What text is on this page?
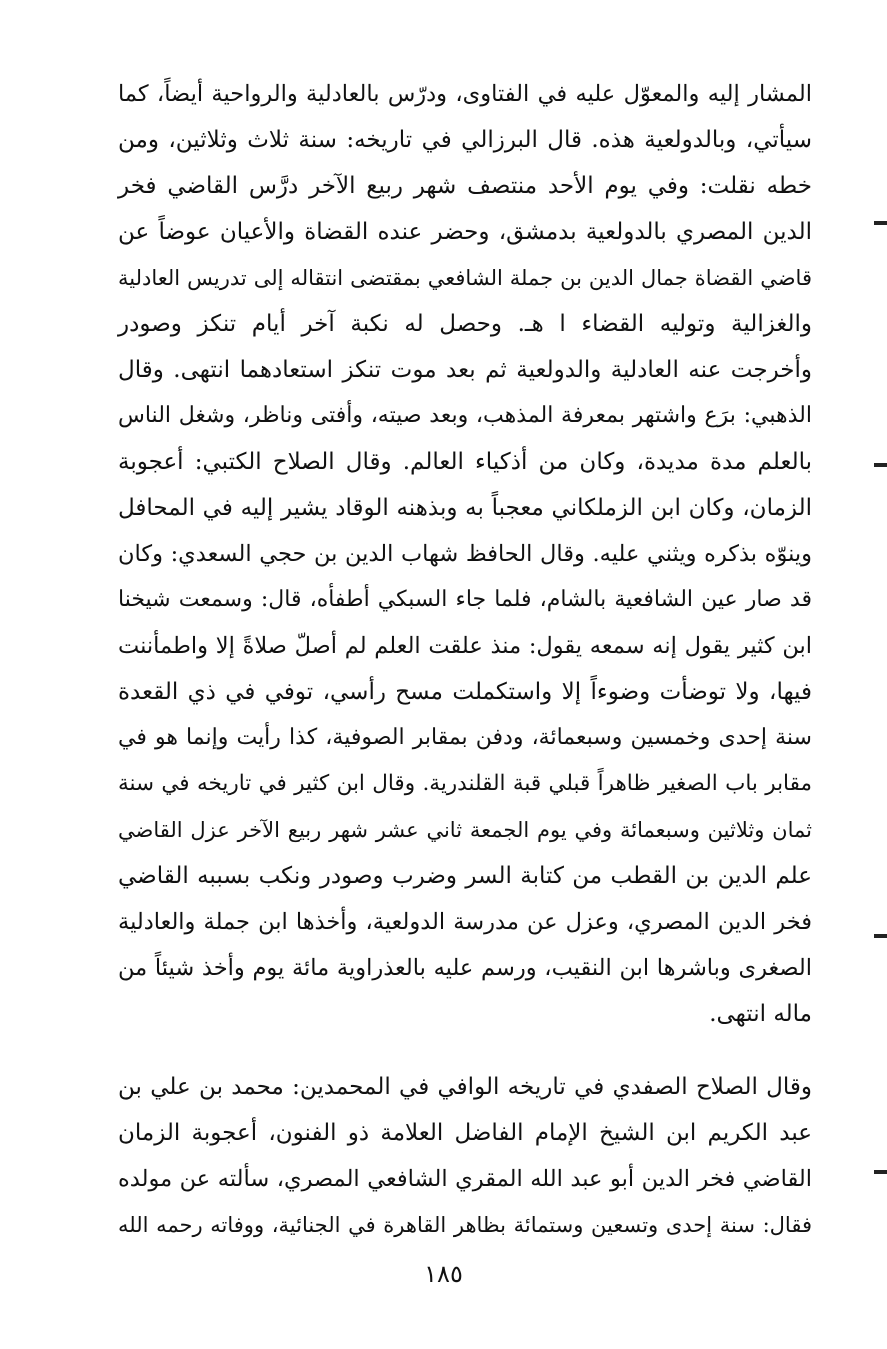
المشار إليه والمعوّل عليه في الفتاوى، ودرّس بالعادلية والرواحية أيضاً، كما
سيأتي، وبالدولعية هذه. قال البرزالي في تاريخه: سنة ثلاث وثلاثين، ومن
خطه نقلت: وفي يوم الأحد منتصف شهر ربيع الآخر درَّس القاضي فخر
الدين المصري بالدولعية بدمشق، وحضر عنده القضاة والأعيان عوضاً عن
قاضي القضاة جمال الدين بن جملة الشافعي بمقتضى انتقاله إلى تدريس العادلية
والغزالية وتوليه القضاء ا هـ. وحصل له نكبة آخر أيام تنكز وصودر
وأخرجت عنه العادلية والدولعية ثم بعد موت تنكز استعادهما انتهى. وقال
الذهبي: برَع واشتهر بمعرفة المذهب، وبعد صيته، وأفتى وناظر، وشغل الناس
بالعلم مدة مديدة، وكان من أذكياء العالم. وقال الصلاح الكتبي: أعجوبة
الزمان، وكان ابن الزملكاني معجباً به وبذهنه الوقاد يشير إليه في المحافل
وينوّه بذكره ويثني عليه. وقال الحافظ شهاب الدين بن حجي السعدي: وكان
قد صار عين الشافعية بالشام، فلما جاء السبكي أطفأه، قال: وسمعت شيخنا
ابن كثير يقول إنه سمعه يقول: منذ علقت العلم لم أصلّ صلاةً إلا واطمأننت
فيها، ولا توضأت وضوءاً إلا واستكملت مسح رأسي، توفي في ذي القعدة
سنة إحدى وخمسين وسبعمائة، ودفن بمقابر الصوفية، كذا رأيت وإنما هو في
مقابر باب الصغير ظاهراً قبلي قبة القلندرية. وقال ابن كثير في تاريخه في سنة
ثمان وثلاثين وسبعمائة وفي يوم الجمعة ثاني عشر شهر ربيع الآخر عزل القاضي
علم الدين بن القطب من كتابة السر وضرب وصودر ونكب بسببه القاضي
فخر الدين المصري، وعزل عن مدرسة الدولعية، وأخذها ابن جملة والعادلية
الصغرى وباشرها ابن النقيب، ورسم عليه بالعذراوية مائة يوم وأخذ شيئاً من
ماله انتهى.
وقال الصلاح الصفدي في تاريخه الوافي في المحمدين: محمد بن علي بن
عبد الكريم ابن الشيخ الإمام الفاضل العلامة ذو الفنون، أعجوبة الزمان
القاضي فخر الدين أبو عبد الله المقري الشافعي المصري، سألته عن مولده
فقال: سنة إحدى وتسعين وستمائة بظاهر القاهرة في الجنائية، ووفاته رحمه الله
١٨٥
